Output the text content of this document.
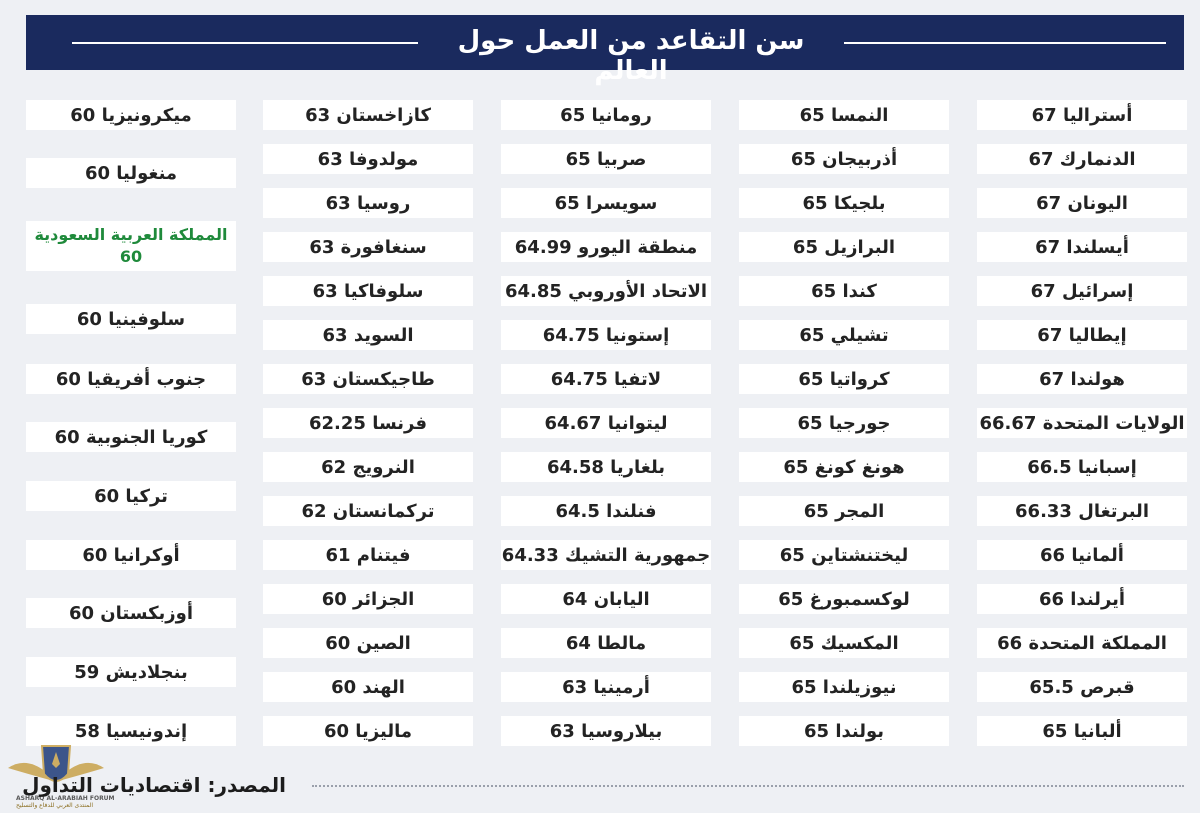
سن التقاعد من العمل حول العالم
أستراليا 67
الدنمارك 67
اليونان 67
أيسلندا 67
إسرائيل 67
إيطاليا 67
هولندا 67
الولايات المتحدة 66.67
إسبانيا 66.5
البرتغال 66.33
ألمانيا 66
أيرلندا 66
المملكة المتحدة 66
قبرص 65.5
ألبانيا 65
النمسا 65
أذربيجان 65
بلجيكا 65
البرازيل 65
كندا 65
تشيلي 65
كرواتيا 65
جورجيا 65
هونغ كونغ 65
المجر 65
ليختنشتاين 65
لوكسمبورغ 65
المكسيك 65
نيوزيلندا 65
بولندا 65
رومانيا 65
صربيا 65
سويسرا 65
منطقة اليورو 64.99
الاتحاد الأوروبي 64.85
إستونيا 64.75
لاتفيا 64.75
ليتوانيا 64.67
بلغاريا 64.58
فنلندا 64.5
جمهورية التشيك 64.33
اليابان 64
مالطا 64
أرمينيا 63
بيلاروسيا 63
كازاخستان 63
مولدوفا 63
روسيا 63
سنغافورة 63
سلوفاكيا 63
السويد 63
طاجيكستان 63
فرنسا 62.25
النرويج 62
تركمانستان 62
فيتنام 61
الجزائر 60
الصين 60
الهند 60
ماليزيا 60
ميكرونيزيا 60
منغوليا 60
المملكة العربية السعودية 60
سلوفينيا 60
جنوب أفريقيا 60
كوريا الجنوبية 60
تركيا 60
أوكرانيا 60
أوزبكستان 60
بنجلاديش 59
إندونيسيا 58
ASHARQ AL-ARABIAH FORUM
المنتدى العربي للدفاع والتسليح
المصدر: اقتصاديات التداول
